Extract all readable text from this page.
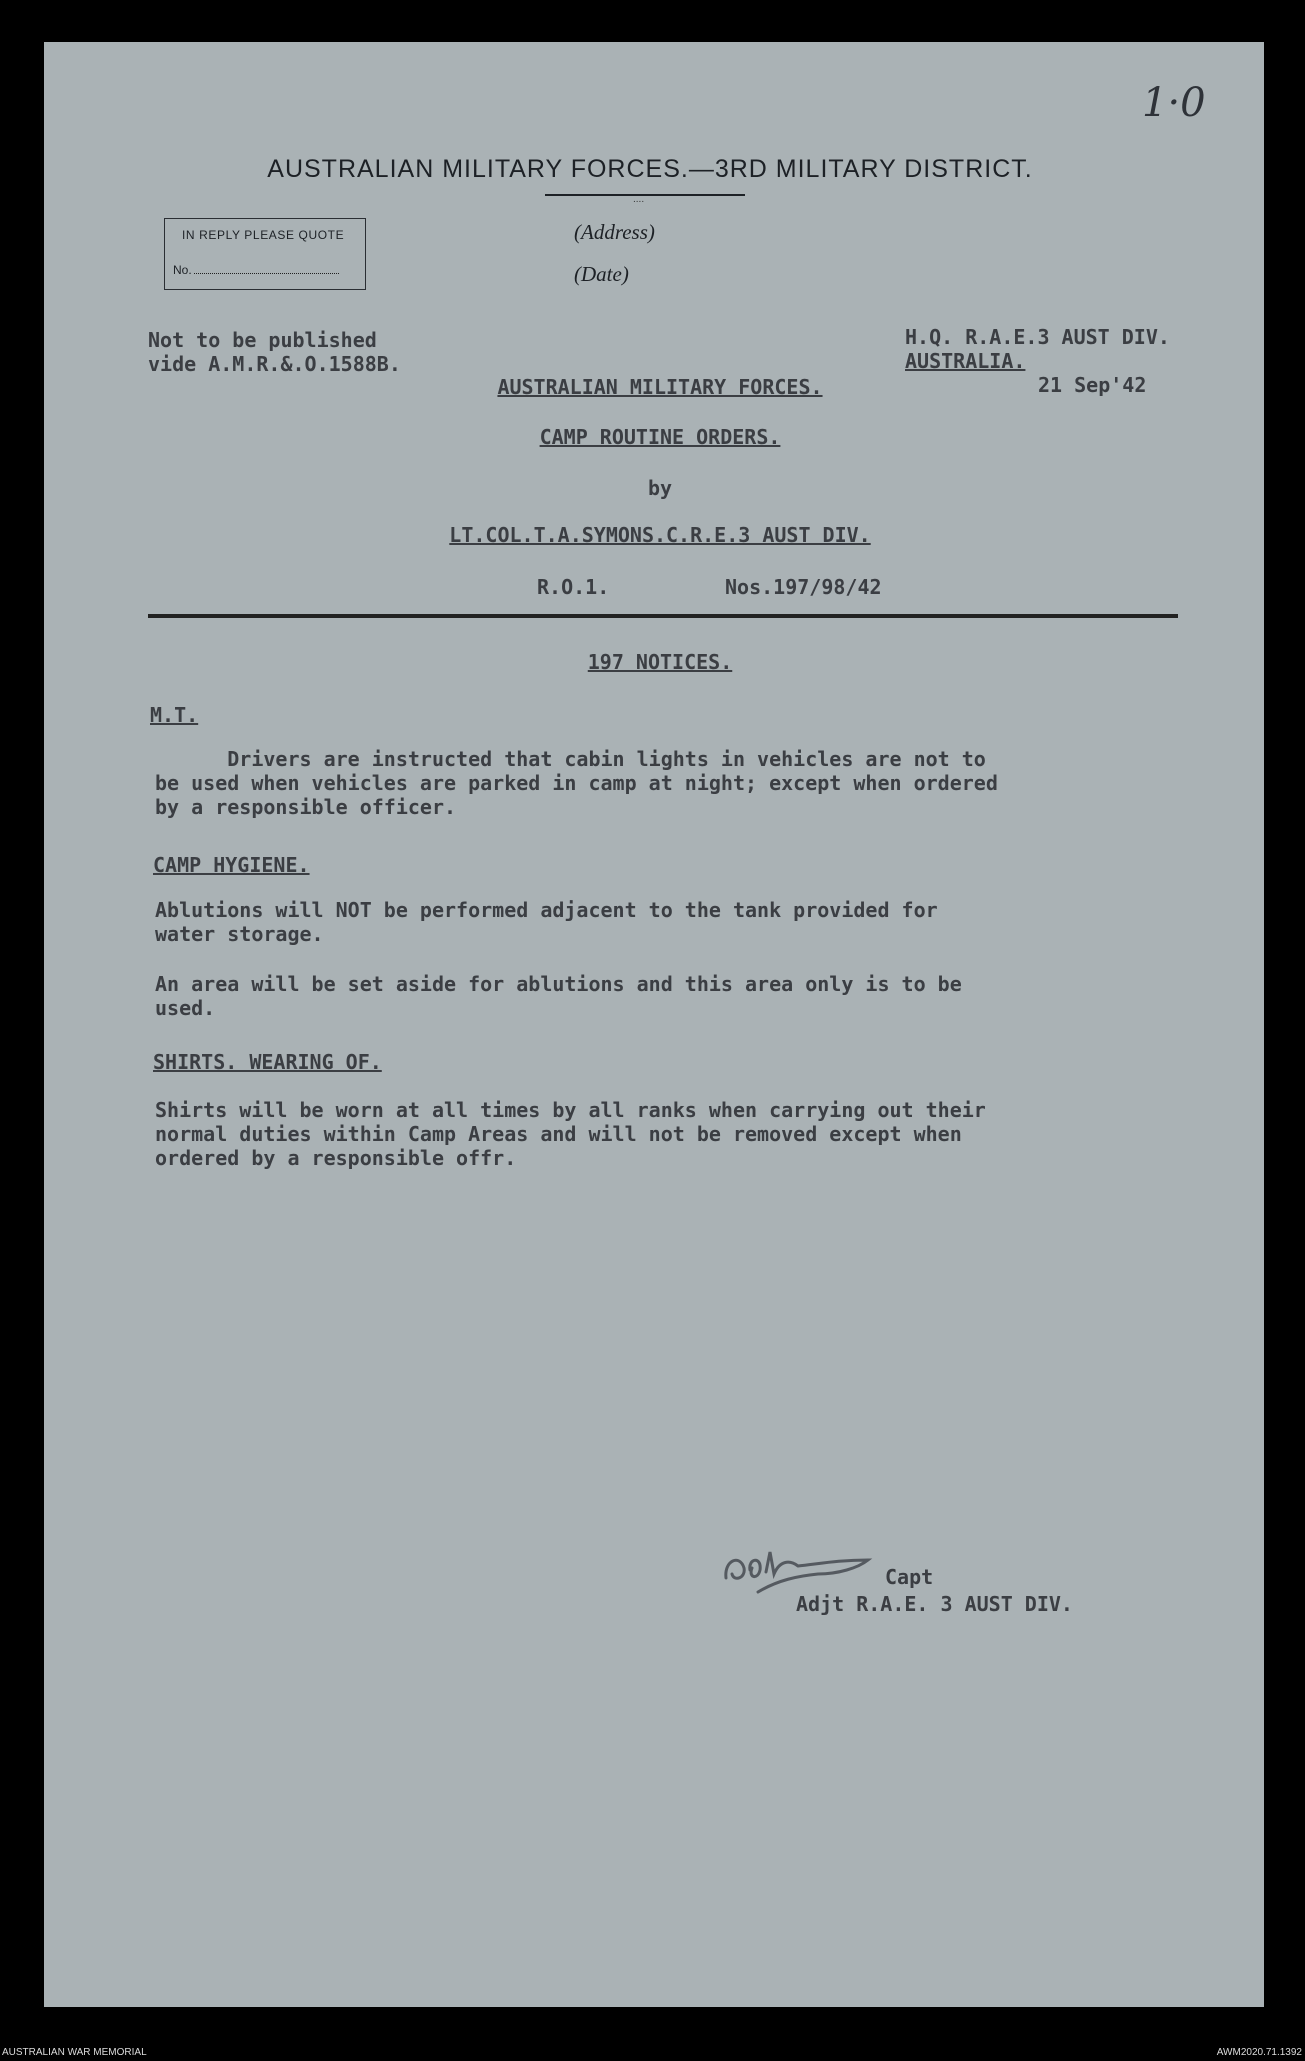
1·0
AUSTRALIAN MILITARY FORCES.—3RD MILITARY DISTRICT.
....
IN REPLY PLEASE QUOTE
No.
(Address)
(Date)
Not to be published
vide A.M.R.&.O.1588B.
H.Q. R.A.E.3 AUST DIV.
AUSTRALIA.
21 Sep'42
AUSTRALIAN MILITARY FORCES.
CAMP ROUTINE ORDERS.
by
LT.COL.T.A.SYMONS.C.R.E.3 AUST DIV.
R.O.1.	Nos.197/98/42
197 NOTICES.
M.T.
Drivers are instructed that cabin lights in vehicles are not to
be used when vehicles are parked in camp at night; except when ordered
by a responsible officer.
CAMP HYGIENE.
Ablutions will NOT be performed adjacent to the tank provided for
water storage.
An area will be set aside for ablutions and this area only is to be
used.
SHIRTS. WEARING OF.
Shirts will be worn at all times by all ranks when carrying out their
normal duties within Camp Areas and will not be removed except when
ordered by a responsible offr.
Capt
Adjt R.A.E. 3 AUST DIV.
AUSTRALIAN WAR MEMORIAL	AWM2020.71.1392
